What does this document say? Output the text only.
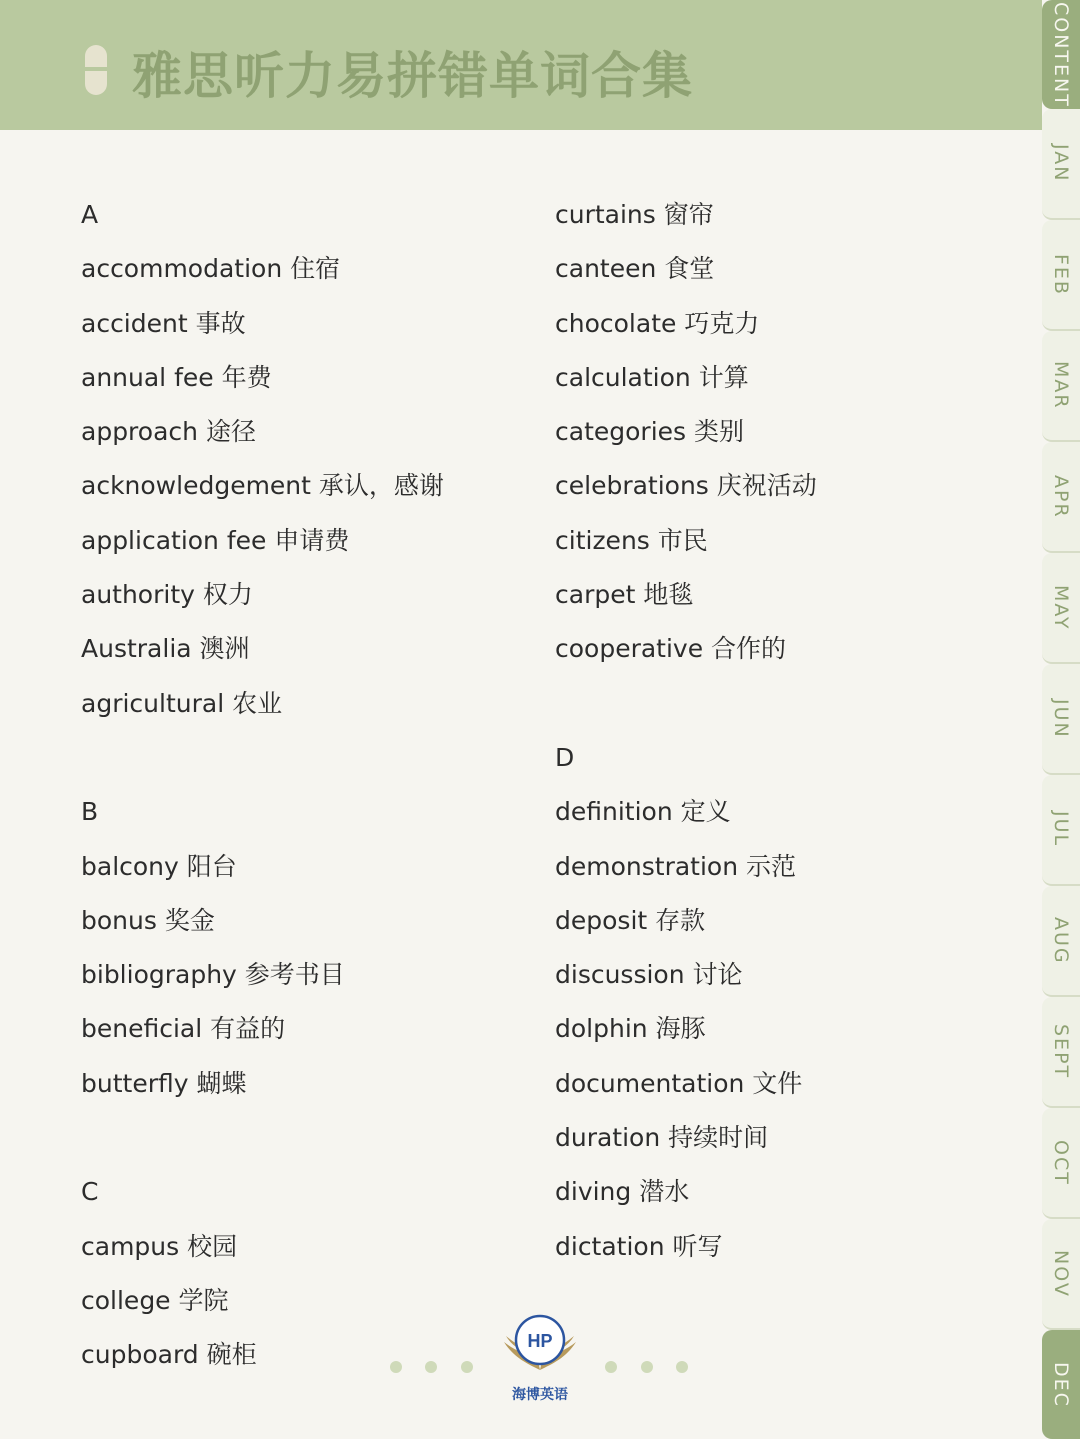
雅思听力易拼错单词合集	CONTENT
JAN
FEB
MAR
APR
MAY
JUN
JUL
AUG
SEPT
OCT
NOV
DEC
A
accommodation 住宿
accident 事故
annual fee 年费
approach 途径
acknowledgement 承认，感谢
application fee 申请费
authority 权力
Australia 澳洲
agricultural 农业
B
balcony 阳台
bonus 奖金
bibliography 参考书目
beneficial 有益的
butterfly 蝴蝶
C
campus 校园
college 学院
cupboard 碗柜
curtains 窗帘
canteen 食堂
chocolate 巧克力
calculation 计算
categories 类别
celebrations 庆祝活动
citizens 市民
carpet 地毯
cooperative 合作的
D
definition 定义
demonstration 示范
deposit 存款
discussion 讨论
dolphin 海豚
documentation 文件
duration 持续时间
diving 潜水
dictation 听写
HP
海博英语
